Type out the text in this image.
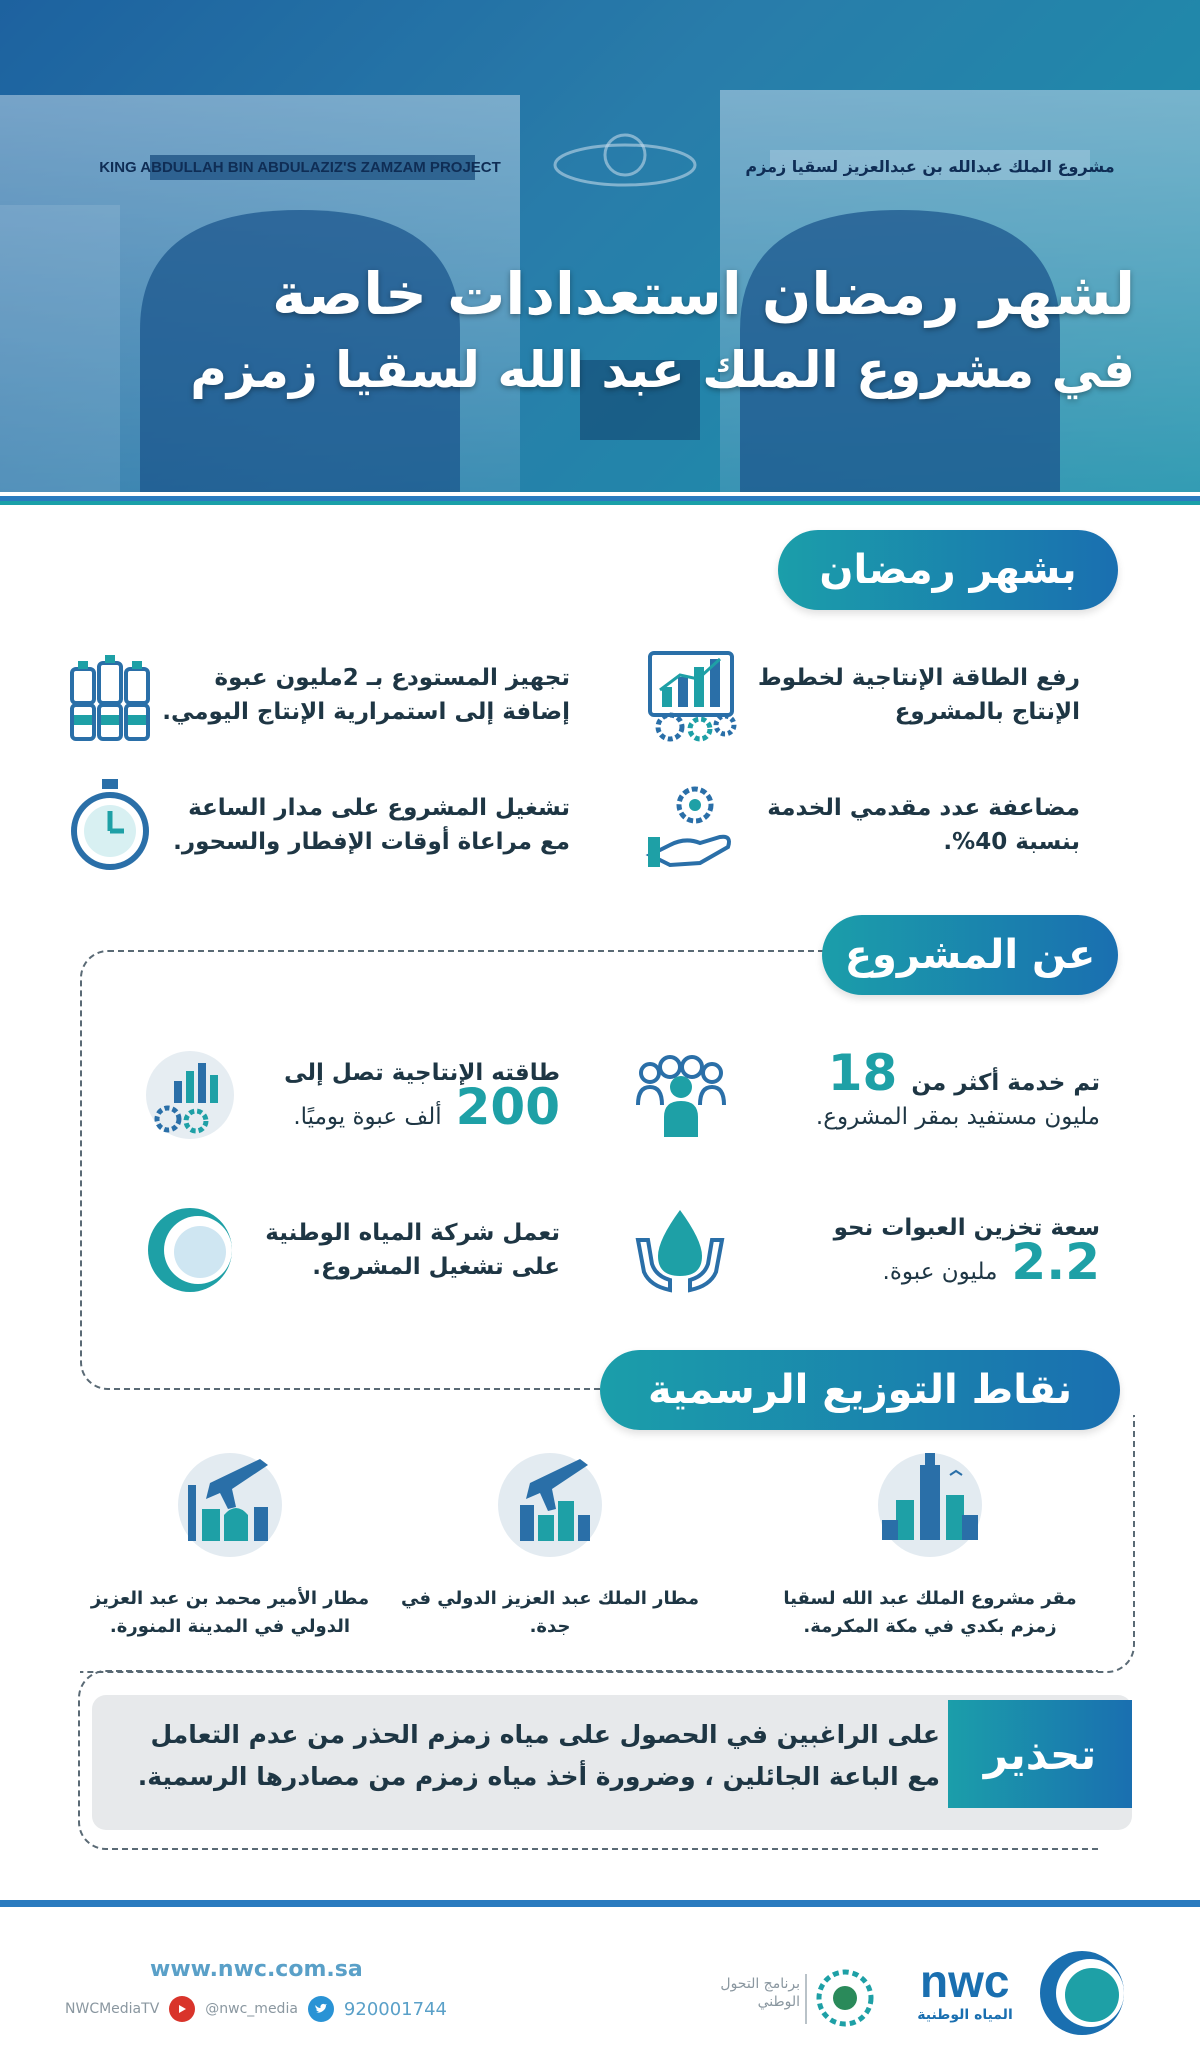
KING ABDULLAH BIN ABDULAZIZ'S ZAMZAM PROJECT	مشروع الملك عبدالله بن عبدالعزيز لسقيا زمزم
لشهر رمضان استعدادات خاصة
في مشروع الملك عبد الله لسقيا زمزم
بشهر رمضان
رفع الطاقة الإنتاجية لخطوط الإنتاج بالمشروع
تجهيز المستودع بـ 2مليون عبوة إضافة إلى استمرارية الإنتاج اليومي.
مضاعفة عدد مقدمي الخدمة بنسبة 40%.
تشغيل المشروع على مدار الساعة مع مراعاة أوقات الإفطار والسحور.
عن المشروع
تم خدمة أكثر من
18
مليون مستفيد بمقر المشروع.
طاقته الإنتاجية تصل إلى
200
ألف عبوة يوميًا.
سعة تخزين العبوات نحو
2.2
مليون عبوة.
تعمل شركة المياه الوطنية على تشغيل المشروع.
نقاط التوزيع الرسمية
مقر مشروع الملك عبد الله لسقيا زمزم بكدي في مكة المكرمة.
مطار الملك عبد العزيز الدولي في جدة.
مطار الأمير محمد بن عبد العزيز الدولي في المدينة المنورة.
تحذير
على الراغبين في الحصول على مياه زمزم الحذر من عدم التعامل مع الباعة الجائلين ، وضرورة أخذ مياه زمزم من مصادرها الرسمية.
www.nwc.com.sa
NWCMediaTV	@nwc_media	920001744
برنامج التحول الوطني	nwc
المياه الوطنية
